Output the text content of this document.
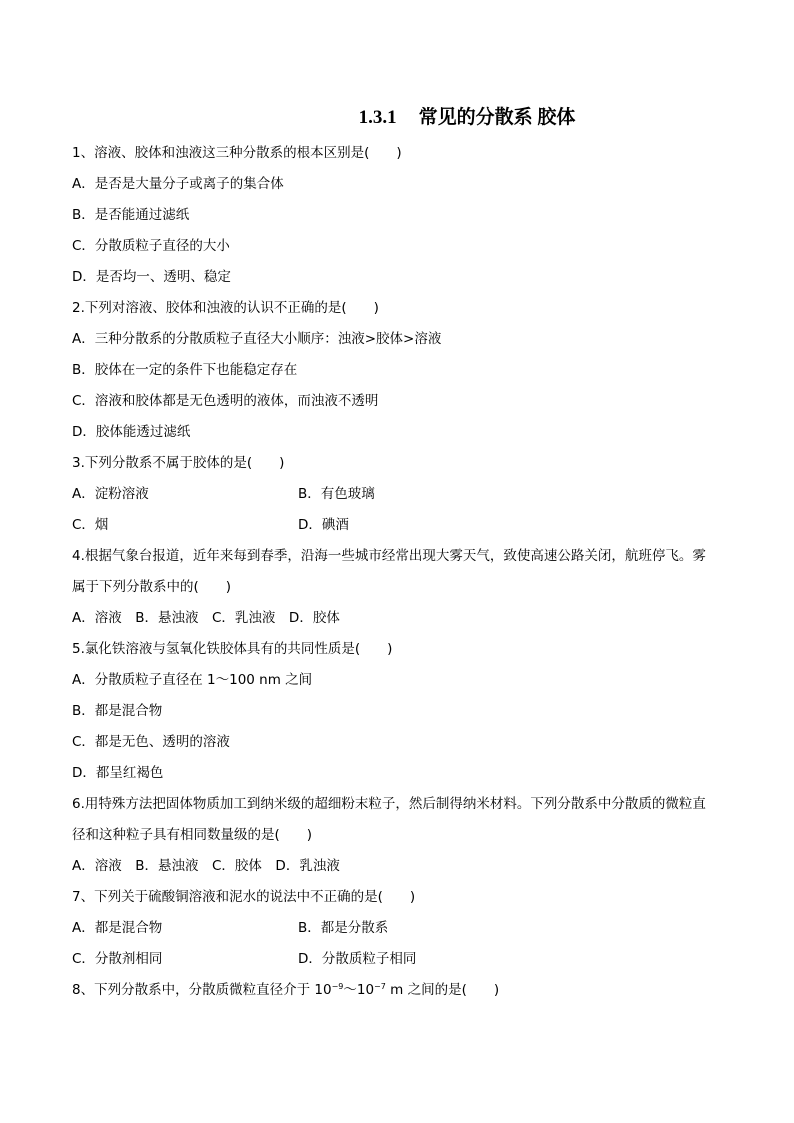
1.3.1 常见的分散系 胶体
1、溶液、胶体和浊液这三种分散系的根本区别是(　　)
A．是否是大量分子或离子的集合体
B．是否能通过滤纸
C．分散质粒子直径的大小
D．是否均一、透明、稳定
2.下列对溶液、胶体和浊液的认识不正确的是(　　)
A．三种分散系的分散质粒子直径大小顺序：浊液>胶体>溶液
B．胶体在一定的条件下也能稳定存在
C．溶液和胶体都是无色透明的液体，而浊液不透明
D．胶体能透过滤纸
3.下列分散系不属于胶体的是(　　)
A．淀粉溶液	B．有色玻璃
C．烟	D．碘酒
4.根据气象台报道，近年来每到春季，沿海一些城市经常出现大雾天气，致使高速公路关闭，航班停飞。雾
属于下列分散系中的(　　)
A．溶液　B．悬浊液　C．乳浊液　D．胶体
5.氯化铁溶液与氢氧化铁胶体具有的共同性质是(　　)
A．分散质粒子直径在 1～100 nm 之间
B．都是混合物
C．都是无色、透明的溶液
D．都呈红褐色
6.用特殊方法把固体物质加工到纳米级的超细粉末粒子，然后制得纳米材料。下列分散系中分散质的微粒直
径和这种粒子具有相同数量级的是(　　)
A．溶液　B．悬浊液　C．胶体　D．乳浊液
7、下列关于硫酸铜溶液和泥水的说法中不正确的是(　　)
A．都是混合物	B．都是分散系
C．分散剂相同	D．分散质粒子相同
8、下列分散系中，分散质微粒直径介于 $10^{-9}\sim 10^{-7}$ m 之间的是(　　)
